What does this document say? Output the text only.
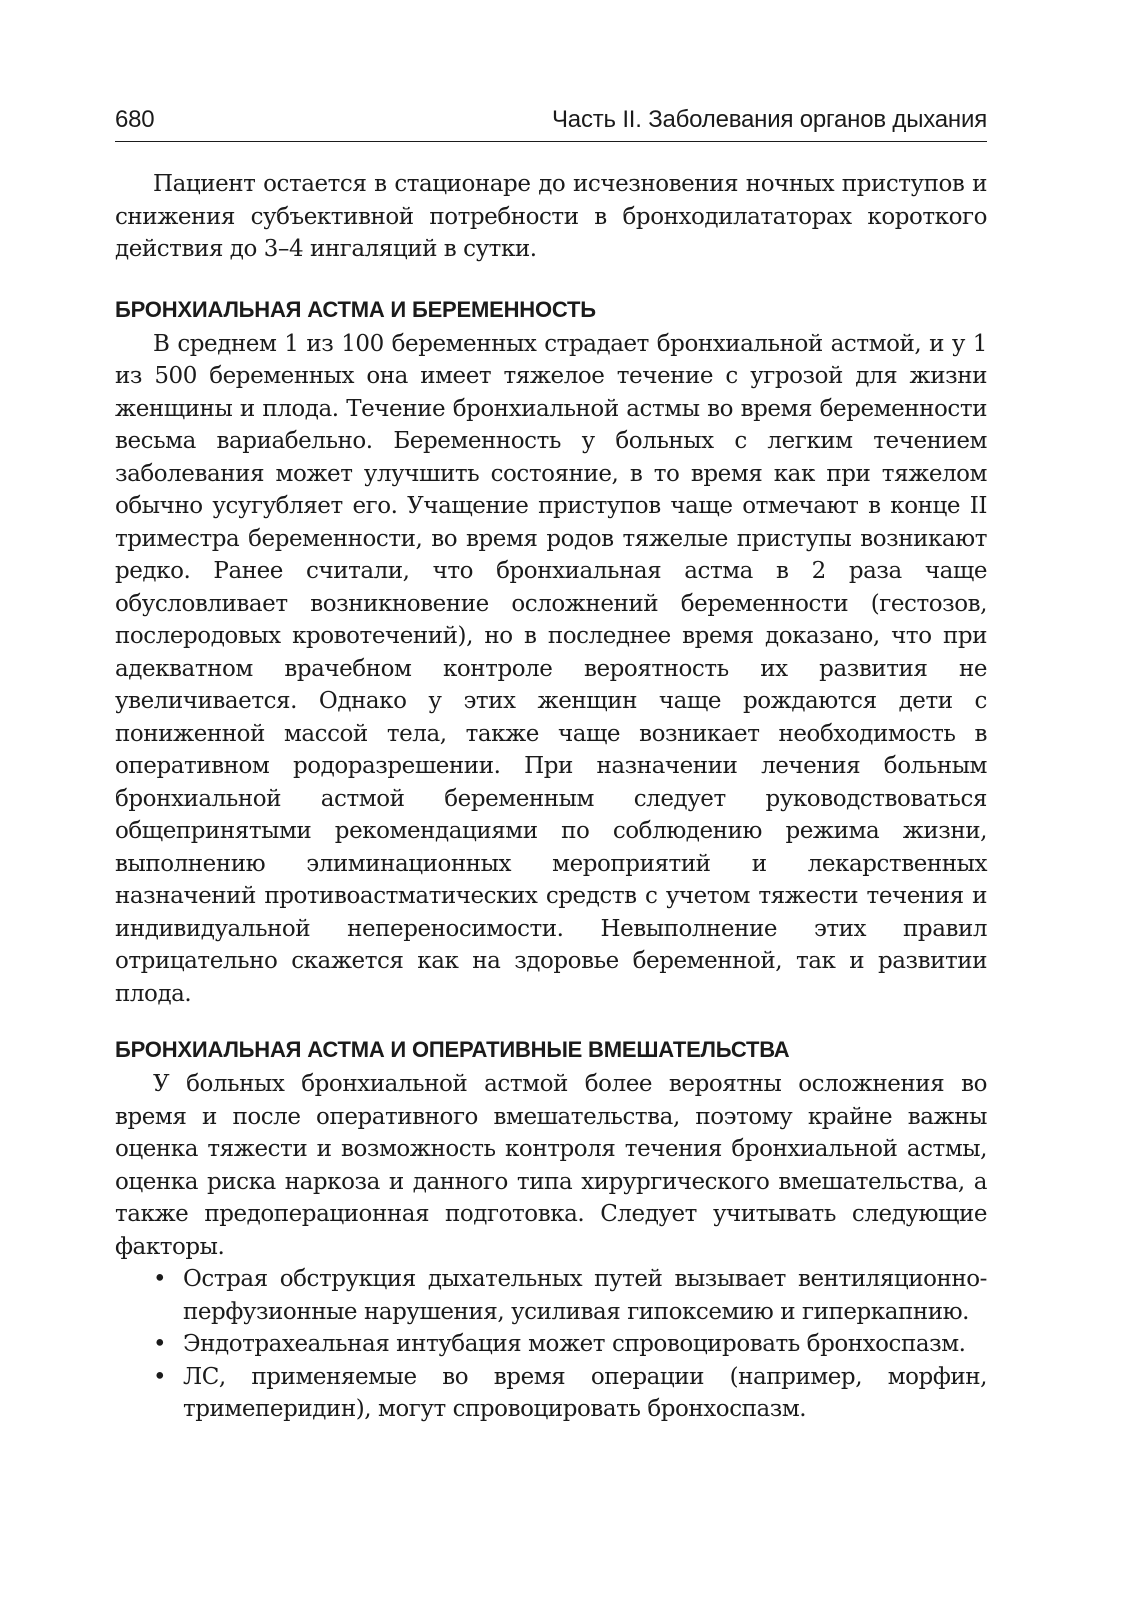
680	Часть II. Заболевания органов дыхания

Пациент остается в стационаре до исчезновения ночных приступов и снижения субъективной потребности в бронходилататорах короткого действия до 3–4 ингаляций в сутки.

БРОНХИАЛЬНАЯ АСТМА И БЕРЕМЕННОСТЬ

В среднем 1 из 100 беременных страдает бронхиальной астмой, и у 1 из 500 беременных она имеет тяжелое течение с угрозой для жизни женщины и плода. Течение бронхиальной астмы во время беременности весьма вариабельно. Беременность у больных с легким течением заболевания может улучшить состояние, в то время как при тяжелом обычно усугубляет его. Учащение приступов чаще отмечают в конце II триместра беременности, во время родов тяжелые приступы возникают редко. Ранее считали, что бронхиальная астма в 2 раза чаще обусловливает возникновение осложнений беременности (гестозов, послеродовых кровотечений), но в последнее время доказано, что при адекватном врачебном контроле вероятность их развития не увеличивается. Однако у этих женщин чаще рождаются дети с пониженной массой тела, также чаще возникает необходимость в оперативном родоразрешении. При назначении лечения больным бронхиальной астмой беременным следует руководствоваться общепринятыми рекомендациями по соблюдению режима жизни, выполнению элиминационных мероприятий и лекарственных назначений противоастматических средств с учетом тяжести течения и индивидуальной непереносимости. Невыполнение этих правил отрицательно скажется как на здоровье беременной, так и развитии плода.

БРОНХИАЛЬНАЯ АСТМА И ОПЕРАТИВНЫЕ ВМЕШАТЕЛЬСТВА

У больных бронхиальной астмой более вероятны осложнения во время и после оперативного вмешательства, поэтому крайне важны оценка тяжести и возможность контроля течения бронхиальной астмы, оценка риска наркоза и данного типа хирургического вмешательства, а также предоперационная подготовка. Следует учитывать следующие факторы.

• Острая обструкция дыхательных путей вызывает вентиляционно-перфузионные нарушения, усиливая гипоксемию и гиперкапнию.
• Эндотрахеальная интубация может спровоцировать бронхоспазм.
• ЛС, применяемые во время операции (например, морфин, тримеперидин), могут спровоцировать бронхоспазм.
